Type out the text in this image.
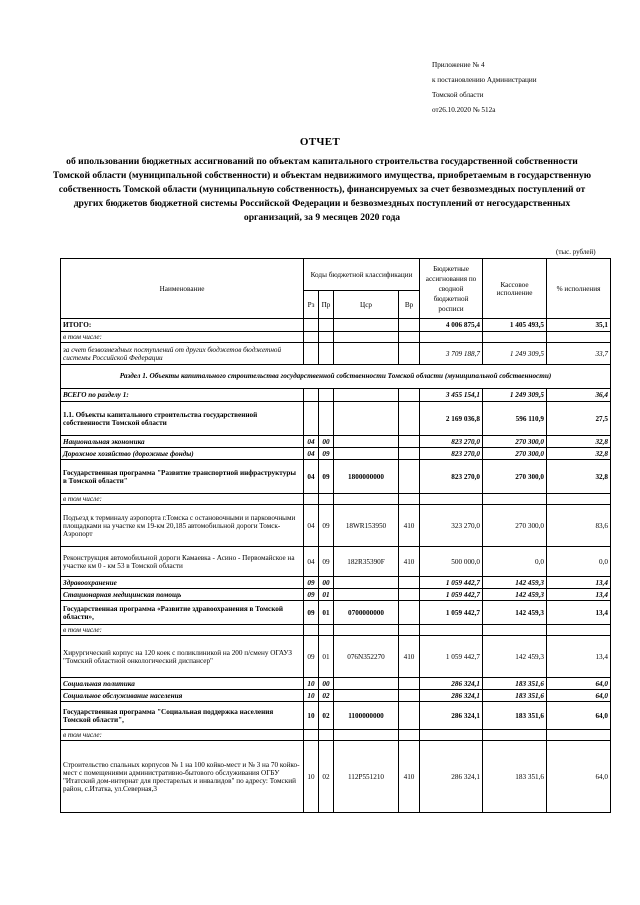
Приложение № 4
к постановлению Администрации
Томской области
от26.10.2020 № 512а
ОТЧЕТ
об ипользовании бюджетных ассигнований по объектам капитального строительства государственной собственности Томской области (муниципальной собственности) и объектам недвижимого имущества, приобретаемым в государственную собственность Томской области (муниципальную собственность), финансируемых за счет безвозмездных поступлений от других бюджетов бюджетной системы Российской Федерации и безвозмездных поступлений от негосударственных организаций, за 9 месяцев 2020 года
(тыс. рублей)
Наименование	Коды бюджетной классификации				Бюджетные ассигнования по сводной бюджетной росписи	Кассовое исполнение	% исполнения
	Рз	Пр	Цср	Вр			
ИТОГО:					4 006 875,4	1 405 493,5	35,1
в том числе:							
за счет безвозмездных поступлений от других бюджетов бюджетной системы Российской Федерации					3 709 188,7	1 249 309,5	33,7
Раздел 1. Объекты капитального строительства государственной собственности Томской области (муниципальной собственности)							
ВСЕГО по разделу 1:					3 455 154,1	1 249 309,5	36,4
1.1. Объекты капитального строительства государственной собственности Томской области					2 169 036,8	596 110,9	27,5
Национальная экономика	04	00			823 270,0	270 300,0	32,8
Дорожное хозяйство (дорожные фонды)	04	09			823 270,0	270 300,0	32,8
Государственная программа "Развитие транспортной инфраструктуры в Томской области"	04	09	1800000000		823 270,0	270 300,0	32,8
в том числе:							
Подъезд к терминалу аэропорта г.Томска с остановочными и парковочными площадками на участке км 19-км 20,185 автомобильной дороги Томск-Аэропорт	04	09	18WR153950	410	323 270,0	270 300,0	83,6
Реконструкция автомобильной дороги Камаевка - Асино - Первомайское на участке км 0 - км 53 в Томской области	04	09	182R35390F	410	500 000,0	0,0	0,0
Здравоохранение	09	00			1 059 442,7	142 459,3	13,4
Стационарная медицинская помощь	09	01			1 059 442,7	142 459,3	13,4
Государственная программа «Развитие здравоохранения в Томской области»,	09	01	0700000000		1 059 442,7	142 459,3	13,4
в том числе:							
Хирургический корпус на 120 коек с поликлиникой на 200 п/смену ОГАУЗ "Томский областной онкологический диспансер"	09	01	076N352270	410	1 059 442,7	142 459,3	13,4
Социальная политика	10	00			286 324,1	183 351,6	64,0
Социальное обслуживание населения	10	02			286 324,1	183 351,6	64,0
Государственная программа "Социальная поддержка населения Томской области",	10	02	1100000000		286 324,1	183 351,6	64,0
в том числе:							
Строительство спальных корпусов № 1 на 100 койко-мест и № 3 на 70 койко-мест с помещениями административно-бытового обслуживания ОГБУ "Итатский дом-интернат для престарелых и инвалидов" по адресу: Томский район, с.Итатка, ул.Северная,3	10	02	112P551210	410	286 324,1	183 351,6	64,0
